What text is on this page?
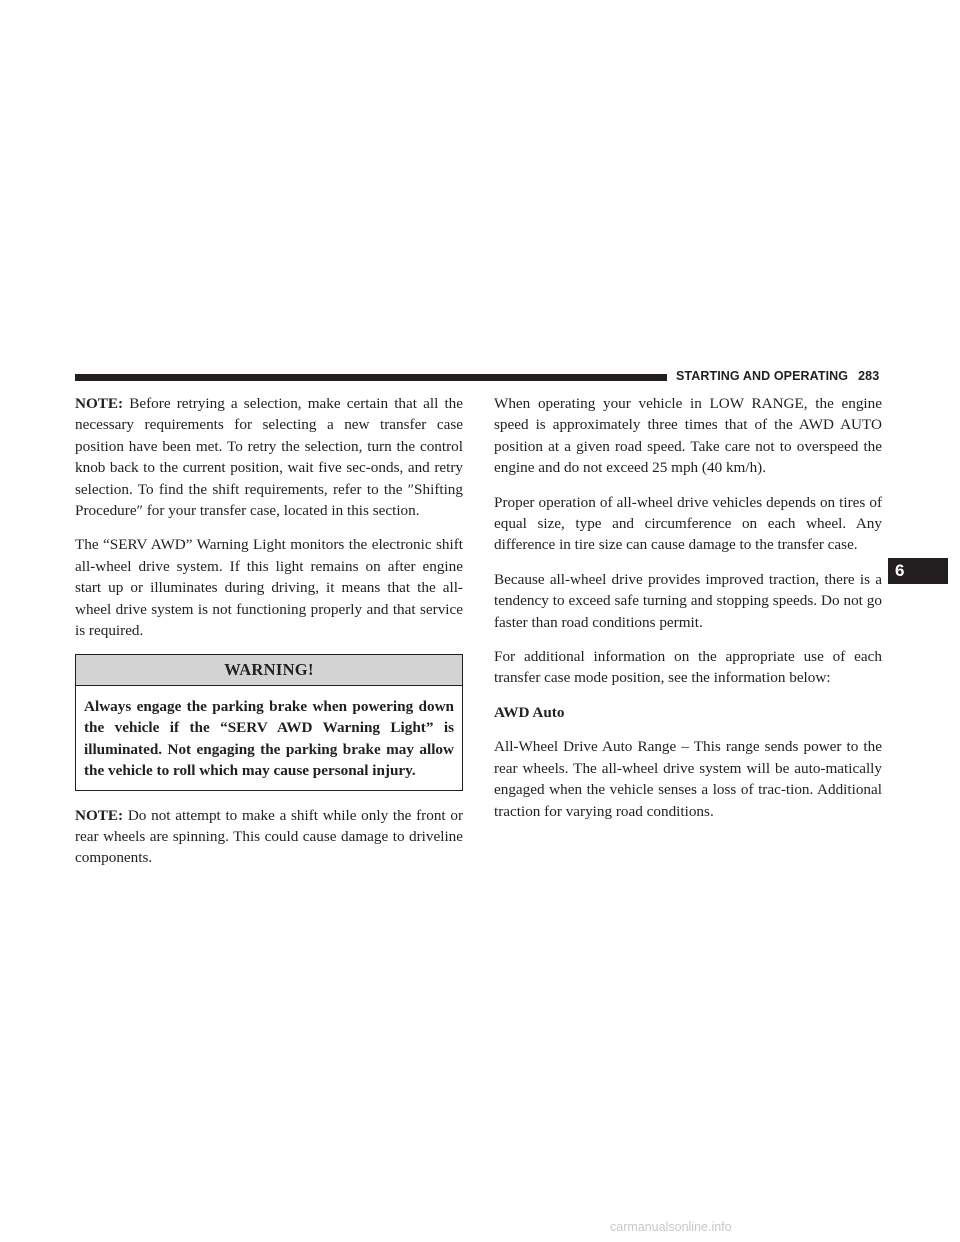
STARTING AND OPERATING 283

NOTE: Before retrying a selection, make certain that all the necessary requirements for selecting a new transfer case position have been met. To retry the selection, turn the control knob back to the current position, wait five sec-onds, and retry selection. To find the shift requirements, refer to the ″Shifting Procedure″ for your transfer case, located in this section.

The “SERV AWD” Warning Light monitors the electronic shift all-wheel drive system. If this light remains on after engine start up or illuminates during driving, it means that the all-wheel drive system is not functioning properly and that service is required.

WARNING!
Always engage the parking brake when powering down the vehicle if the “SERV AWD Warning Light” is illuminated. Not engaging the parking brake may allow the vehicle to roll which may cause personal injury.

NOTE: Do not attempt to make a shift while only the front or rear wheels are spinning. This could cause damage to driveline components.

When operating your vehicle in LOW RANGE, the engine speed is approximately three times that of the AWD AUTO position at a given road speed. Take care not to overspeed the engine and do not exceed 25 mph (40 km/h).

Proper operation of all-wheel drive vehicles depends on tires of equal size, type and circumference on each wheel. Any difference in tire size can cause damage to the transfer case.

Because all-wheel drive provides improved traction, there is a tendency to exceed safe turning and stopping speeds. Do not go faster than road conditions permit.

For additional information on the appropriate use of each transfer case mode position, see the information below:

AWD Auto

All-Wheel Drive Auto Range – This range sends power to the rear wheels. The all-wheel drive system will be auto-matically engaged when the vehicle senses a loss of trac-tion. Additional traction for varying road conditions.

6
carmanualsonline.info
